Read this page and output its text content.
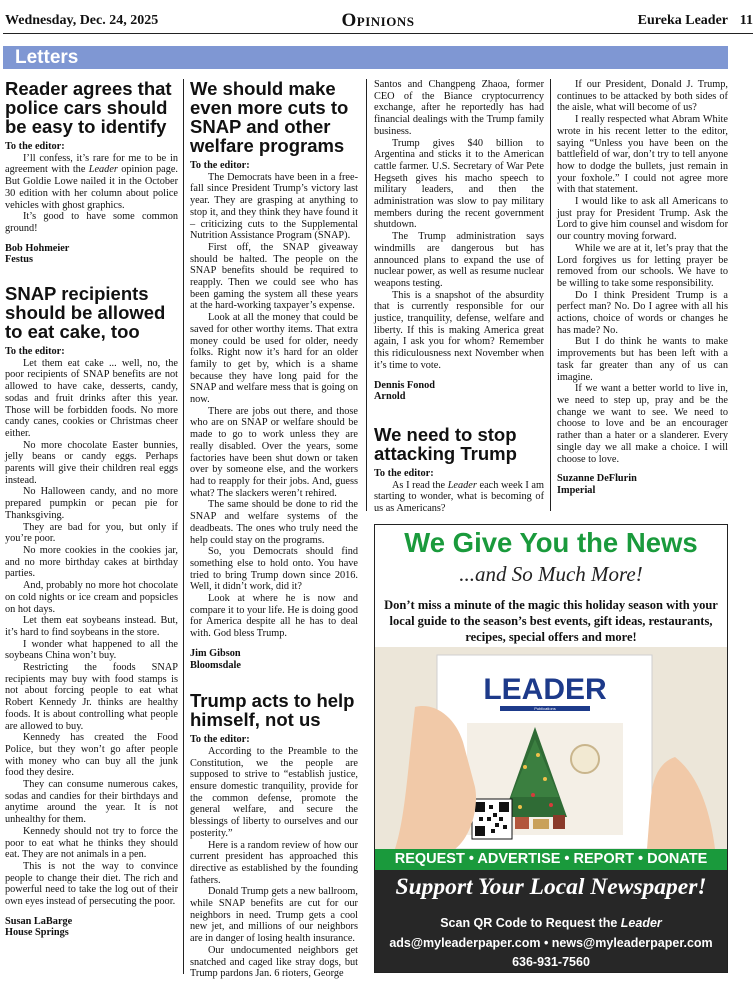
Wednesday, Dec. 24, 2025	Opinions	Eureka Leader 11
Letters
Reader agrees that police cars should be easy to identify

To the editor:

I’ll confess, it’s rare for me to be in agreement with the Leader opinion page. But Goldie Lowe nailed it in the October 30 edition with her column about police vehicles with ghost graphics.

It’s good to have some common ground!

Bob Hohmeier

Festus

SNAP recipients should be allowed to eat cake, too

To the editor:

Let them eat cake ... well, no, the poor recipients of SNAP benefits are not allowed to have cake, desserts, candy, sodas and fruit drinks after this year. Those will be forbidden foods. No more candy canes, cookies or Christmas cheer either.

No more chocolate Easter bunnies, jelly beans or candy eggs. Perhaps parents will give their children real eggs instead.

No Halloween candy, and no more prepared pumpkin or pecan pie for Thanksgiving.

They are bad for you, but only if you’re poor.

No more cookies in the cookies jar, and no more birthday cakes at birthday parties.

And, probably no more hot chocolate on cold nights or ice cream and popsicles on hot days.

Let them eat soybeans instead. But, it’s hard to find soybeans in the store.

I wonder what happened to all the soybeans China won’t buy.

Restricting the foods SNAP recipients may buy with food stamps is not about forcing people to eat what Robert Kennedy Jr. thinks are healthy foods. It is about controlling what people are allowed to buy.

Kennedy has created the Food Police, but they won’t go after people with money who can buy all the junk food they desire.

They can consume numerous cakes, sodas and candies for their birthdays and anytime around the year. It is not unhealthy for them.

Kennedy should not try to force the poor to eat what he thinks they should eat. They are not animals in a pen.

This is not the way to convince people to change their diet. The rich and powerful need to take the log out of their own eyes instead of persecuting the poor.

Susan LaBarge

House Springs

We should make even more cuts to SNAP and other welfare programs

To the editor:

The Democrats have been in a free-fall since President Trump’s victory last year. They are grasping at anything to stop it, and they think they have found it – criticizing cuts to the Supplemental Nutrition Assistance Program (SNAP).

First off, the SNAP giveaway should be halted. The people on the SNAP benefits should be required to reapply. Then we could see who has been gaming the system all these years at the hard-working taxpayer’s expense.

Look at all the money that could be saved for other worthy items. That extra money could be used for older, needy folks. Right now it’s hard for an older family to get by, which is a shame because they have long paid for the SNAP and welfare mess that is going on now.

There are jobs out there, and those who are on SNAP or welfare should be made to go to work unless they are really disabled. Over the years, some factories have been shut down or taken over by someone else, and the workers had to reapply for their jobs. And, guess what? The slackers weren’t rehired.

The same should be done to rid the SNAP and welfare systems of the deadbeats. The ones who truly need the help could stay on the programs.

So, you Democrats should find something else to hold onto. You have tried to bring Trump down since 2016. Well, it didn’t work, did it?

Look at where he is now and compare it to your life. He is doing good for America despite all he has to deal with. God bless Trump.

Jim Gibson

Bloomsdale

Trump acts to help himself, not us

To the editor:

According to the Preamble to the Constitution, we the people are supposed to strive to “establish justice, ensure domestic tranquility, provide for the common defense, promote the general welfare, and secure the blessings of liberty to ourselves and our posterity.”

Here is a random review of how our current president has approached this directive as established by the founding fathers.

Donald Trump gets a new ballroom, while SNAP benefits are cut for our neighbors in need. Trump gets a cool new jet, and millions of our neighbors are in danger of losing health insurance.

Our undocumented neighbors get snatched and caged like stray dogs, but Trump pardons Jan. 6 rioters, George

Santos and Changpeng Zhaoa, former CEO of the Biance cryptocurrency exchange, after he reportedly has had financial dealings with the Trump family business.

Trump gives $40 billion to Argentina and sticks it to the American cattle farmer. U.S. Secretary of War Pete Hegseth gives his macho speech to military leaders, and then the administration was slow to pay military members during the recent government shutdown.

The Trump administration says windmills are dangerous but has announced plans to expand the use of nuclear power, as well as resume nuclear weapons testing.

This is a snapshot of the absurdity that is currently responsible for our justice, tranquility, defense, welfare and liberty. If this is making America great again, I ask you for whom? Remember this ridiculousness next November when it’s time to vote.

Dennis Fonod

Arnold

We need to stop attacking Trump

To the editor:

As I read the Leader each week I am starting to wonder, what is becoming of us as Americans?

If our President, Donald J. Trump, continues to be attacked by both sides of the aisle, what will become of us?

I really respected what Abram White wrote in his recent letter to the editor, saying “Unless you have been on the battlefield of war, don’t try to tell anyone how to dodge the bullets, just remain in your foxhole.” I could not agree more with that statement.

I would like to ask all Americans to just pray for President Trump. Ask the Lord to give him counsel and wisdom for our country moving forward.

While we are at it, let’s pray that the Lord forgives us for letting prayer be removed from our schools. We have to be willing to take some responsibility.

Do I think President Trump is a perfect man? No. Do I agree with all his actions, choice of words or changes he has made? No.

But I do think he wants to make improvements but has been left with a task far greater than any of us can imagine.

If we want a better world to live in, we need to step up, pray and be the change we want to see. We need to choose to love and be an encourager rather than a hater or a slanderer. Every single day we all make a choice. I will choose to love.

Suzanne DeFlurin

Imperial

We Give You the News
...and So Much More!
Don’t miss a minute of the magic this holiday season with your local guide to the season’s best events, gift ideas, restaurants, recipes, special offers and more!
LEADER
Publications
REQUEST • ADVERTISE • REPORT • DONATE
Support Your Local Newspaper!
Scan QR Code to Request the Leader
ads@myleaderpaper.com • news@myleaderpaper.com
636-931-7560
